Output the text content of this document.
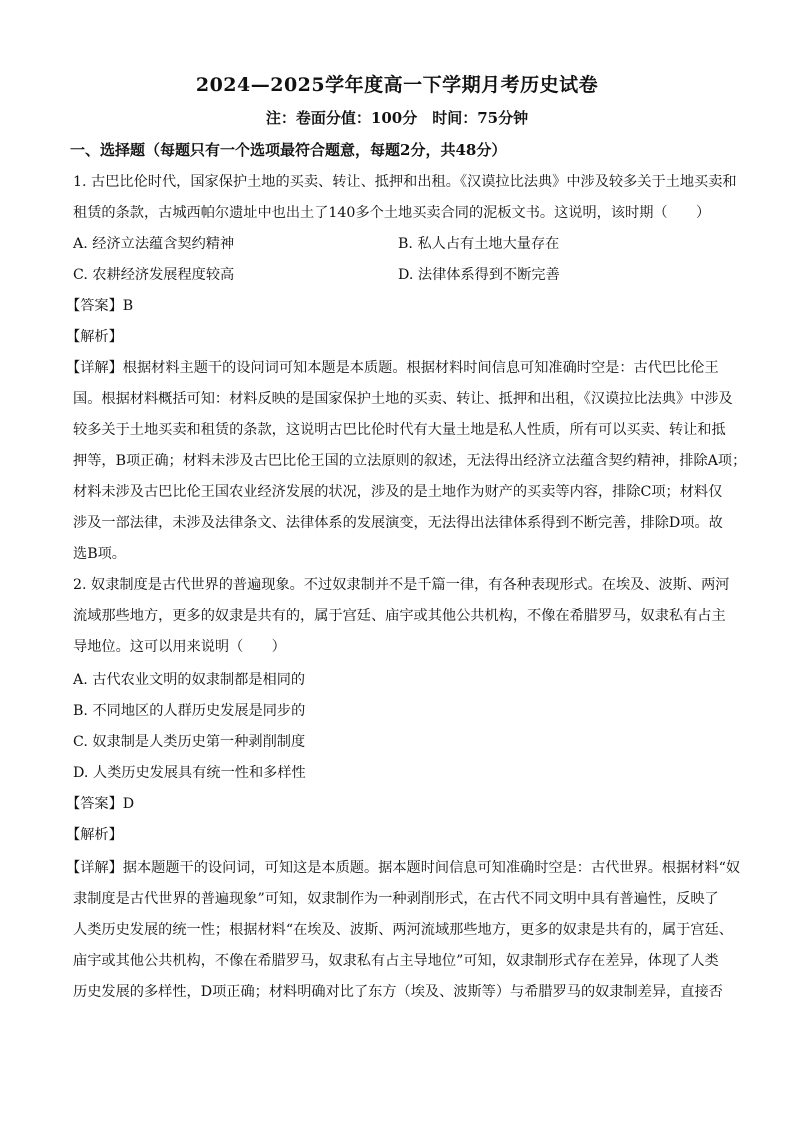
2024—2025学年度高一下学期月考历史试卷
注：卷面分值：100分　时间：75分钟
一、选择题（每题只有一个选项最符合题意，每题2分，共48分）
1. 古巴比伦时代，国家保护土地的买卖、转让、抵押和出租。《汉谟拉比法典》中涉及较多关于土地买卖和
租赁的条款，古城西帕尔遗址中也出土了140多个土地买卖合同的泥板文书。这说明，该时期（　　）
A. 经济立法蕴含契约精神	B. 私人占有土地大量存在
C. 农耕经济发展程度较高	D. 法律体系得到不断完善
【答案】B
【解析】
【详解】根据材料主题干的设问词可知本题是本质题。根据材料时间信息可知准确时空是：古代巴比伦王
国。根据材料概括可知：材料反映的是国家保护土地的买卖、转让、抵押和出租，《汉谟拉比法典》中涉及
较多关于土地买卖和租赁的条款，这说明古巴比伦时代有大量土地是私人性质，所有可以买卖、转让和抵
押等，B项正确；材料未涉及古巴比伦王国的立法原则的叙述，无法得出经济立法蕴含契约精神，排除A项；
材料未涉及古巴比伦王国农业经济发展的状况，涉及的是土地作为财产的买卖等内容，排除C项；材料仅
涉及一部法律，未涉及法律条文、法律体系的发展演变，无法得出法律体系得到不断完善，排除D项。故
选B项。
2. 奴隶制度是古代世界的普遍现象。不过奴隶制并不是千篇一律，有各种表现形式。在埃及、波斯、两河
流域那些地方，更多的奴隶是共有的，属于宫廷、庙宇或其他公共机构，不像在希腊罗马，奴隶私有占主
导地位。这可以用来说明（　　）
A. 古代农业文明的奴隶制都是相同的
B. 不同地区的人群历史发展是同步的
C. 奴隶制是人类历史第一种剥削制度
D. 人类历史发展具有统一性和多样性
【答案】D
【解析】
【详解】据本题题干的设问词，可知这是本质题。据本题时间信息可知准确时空是：古代世界。根据材料“奴
隶制度是古代世界的普遍现象”可知，奴隶制作为一种剥削形式，在古代不同文明中具有普遍性，反映了
人类历史发展的统一性；根据材料“在埃及、波斯、两河流域那些地方，更多的奴隶是共有的，属于宫廷、
庙宇或其他公共机构，不像在希腊罗马，奴隶私有占主导地位”可知，奴隶制形式存在差异，体现了人类
历史发展的多样性，D项正确；材料明确对比了东方（埃及、波斯等）与希腊罗马的奴隶制差异，直接否
